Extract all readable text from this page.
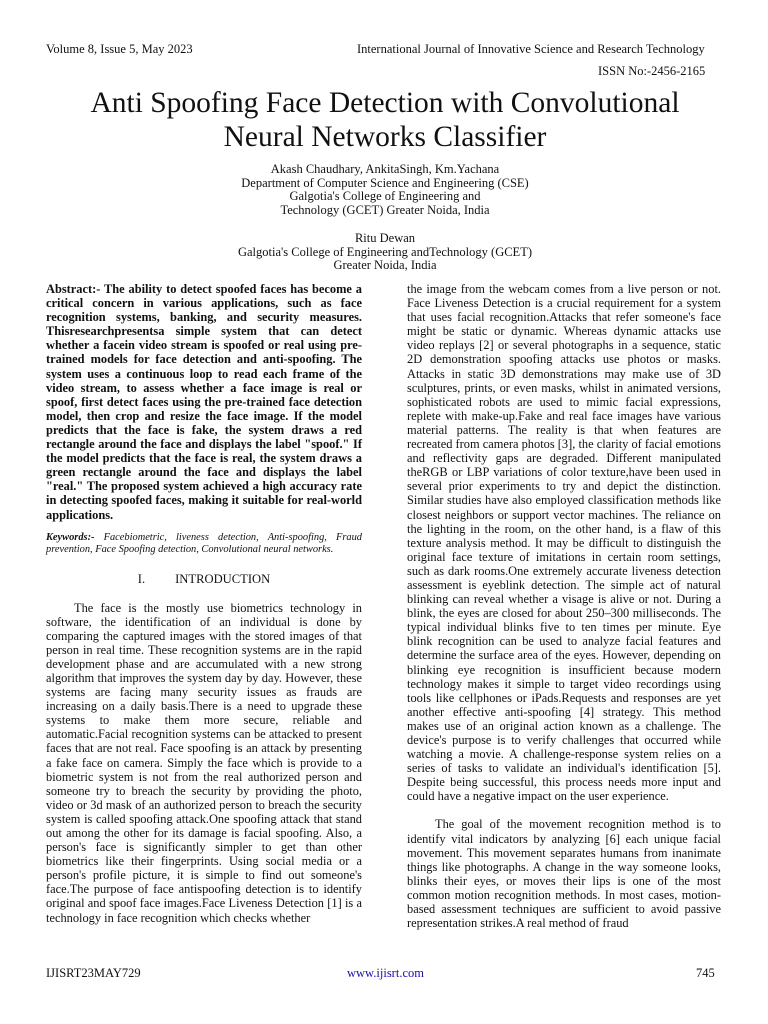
Volume 8, Issue 5, May 2023	International Journal of Innovative Science and Research Technology
ISSN No:-2456-2165
Anti Spoofing Face Detection with Convolutional
Neural Networks Classifier
Akash Chaudhary, AnkitaSingh, Km.Yachana
Department of Computer Science and Engineering (CSE)
Galgotia's College of Engineering and
Technology (GCET) Greater Noida, India
Ritu Dewan
Galgotia's College of Engineering andTechnology (GCET)
Greater Noida, India

Abstract:- The ability to detect spoofed faces has become a critical concern in various applications, such as face recognition systems, banking, and security measures. Thisresearchpresentsa simple system that can detect whether a facein video stream is spoofed or real using pre-trained models for face detection and anti-spoofing. The system uses a continuous loop to read each frame of the video stream, to assess whether a face image is real or spoof, first detect faces using the pre-trained face detection model, then crop and resize the face image. If the model predicts that the face is fake, the system draws a red rectangle around the face and displays the label "spoof." If the model predicts that the face is real, the system draws a green rectangle around the face and displays the label "real." The proposed system achieved a high accuracy rate in detecting spoofed faces, making it suitable for real-world applications.

Keywords:- Facebiometric, liveness detection, Anti-spoofing, Fraud prevention, Face Spoofing detection, Convolutional neural networks.

I. INTRODUCTION

The face is the mostly use biometrics technology in software, the identification of an individual is done by comparing the captured images with the stored images of that person in real time. These recognition systems are in the rapid development phase and are accumulated with a new strong algorithm that improves the system day by day. However, these systems are facing many security issues as frauds are increasing on a daily basis.There is a need to upgrade these systems to make them more secure, reliable and automatic.Facial recognition systems can be attacked to present faces that are not real. Face spoofing is an attack by presenting a fake face on camera. Simply the face which is provide to a biometric system is not from the real authorized person and someone try to breach the security by providing the photo, video or 3d mask of an authorized person to breach the security system is called spoofing attack.One spoofing attack that stand out among the other for its damage is facial spoofing. Also, a person's face is significantly simpler to get than other biometrics like their fingerprints. Using social media or a person's profile picture, it is simple to find out someone's face.The purpose of face antispoofing detection is to identify original and spoof face images.Face Liveness Detection [1] is a technology in face recognition which checks whether

the image from the webcam comes from a live person or not. Face Liveness Detection is a crucial requirement for a system that uses facial recognition.Attacks that refer someone's face might be static or dynamic. Whereas dynamic attacks use video replays [2] or several photographs in a sequence, static 2D demonstration spoofing attacks use photos or masks. Attacks in static 3D demonstrations may make use of 3D sculptures, prints, or even masks, whilst in animated versions, sophisticated robots are used to mimic facial expressions, replete with make-up.Fake and real face images have various material patterns. The reality is that when features are recreated from camera photos [3], the clarity of facial emotions and reflectivity gaps are degraded. Different manipulated theRGB or LBP variations of color texture,have been used in several prior experiments to try and depict the distinction. Similar studies have also employed classification methods like closest neighbors or support vector machines. The reliance on the lighting in the room, on the other hand, is a flaw of this texture analysis method. It may be difficult to distinguish the original face texture of imitations in certain room settings, such as dark rooms.One extremely accurate liveness detection assessment is eyeblink detection. The simple act of natural blinking can reveal whether a visage is alive or not. During a blink, the eyes are closed for about 250–300 milliseconds. The typical individual blinks five to ten times per minute. Eye blink recognition can be used to analyze facial features and determine the surface area of the eyes. However, depending on blinking eye recognition is insufficient because modern technology makes it simple to target video recordings using tools like cellphones or iPads.Requests and responses are yet another effective anti-spoofing [4] strategy. This method makes use of an original action known as a challenge. The device's purpose is to verify challenges that occurred while watching a movie. A challenge-response system relies on a series of tasks to validate an individual's identification [5]. Despite being successful, this process needs more input and could have a negative impact on the user experience.

The goal of the movement recognition method is to identify vital indicators by analyzing [6] each unique facial movement. This movement separates humans from inanimate things like photographs. A change in the way someone looks, blinks their eyes, or moves their lips is one of the most common motion recognition methods. In most cases, motion-based assessment techniques are sufficient to avoid passive representation strikes.A real method of fraud

IJISRT23MAY729	www.ijisrt.com	745
